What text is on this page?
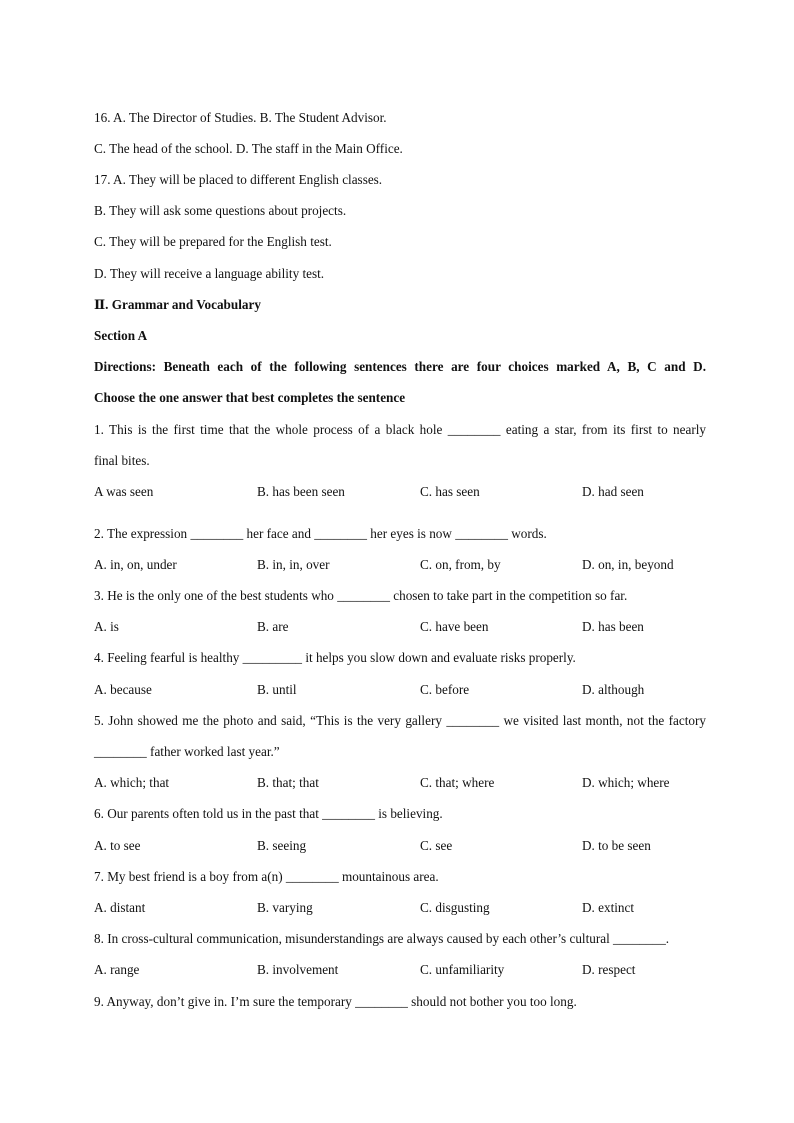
16. A. The Director of Studies. B. The Student Advisor.
C. The head of the school. D. The staff in the Main Office.
17. A. They will be placed to different English classes.
B. They will ask some questions about projects.
C. They will be prepared for the English test.
D. They will receive a language ability test.
Ⅱ. Grammar and Vocabulary
Section A
Directions: Beneath each of the following sentences there are four choices marked A, B, C and D.
Choose the one answer that best completes the sentence
1. This is the first time that the whole process of a black hole ________ eating a star, from its first to nearly
final bites.
A was seen	B. has been seen	C. has seen	D. had seen
2. The expression ________ her face and ________ her eyes is now ________ words.
A. in, on, under	B. in, in, over	C. on, from, by	D. on, in, beyond
3. He is the only one of the best students who ________ chosen to take part in the competition so far.
A. is	B. are	C. have been	D. has been
4. Feeling fearful is healthy _________ it helps you slow down and evaluate risks properly.
A. because	B. until	C. before	D. although
5. John showed me the photo and said, “This is the very gallery ________ we visited last month, not the factory
________ father worked last year.”
A. which; that	B. that; that	C. that; where	D. which; where
6. Our parents often told us in the past that ________ is believing.
A. to see	B. seeing	C. see	D. to be seen
7. My best friend is a boy from a(n) ________ mountainous area.
A. distant	B. varying	C. disgusting	D. extinct
8. In cross-cultural communication, misunderstandings are always caused by each other’s cultural ________.
A. range	B. involvement	C. unfamiliarity	D. respect
9. Anyway, don’t give in. I’m sure the temporary ________ should not bother you too long.
